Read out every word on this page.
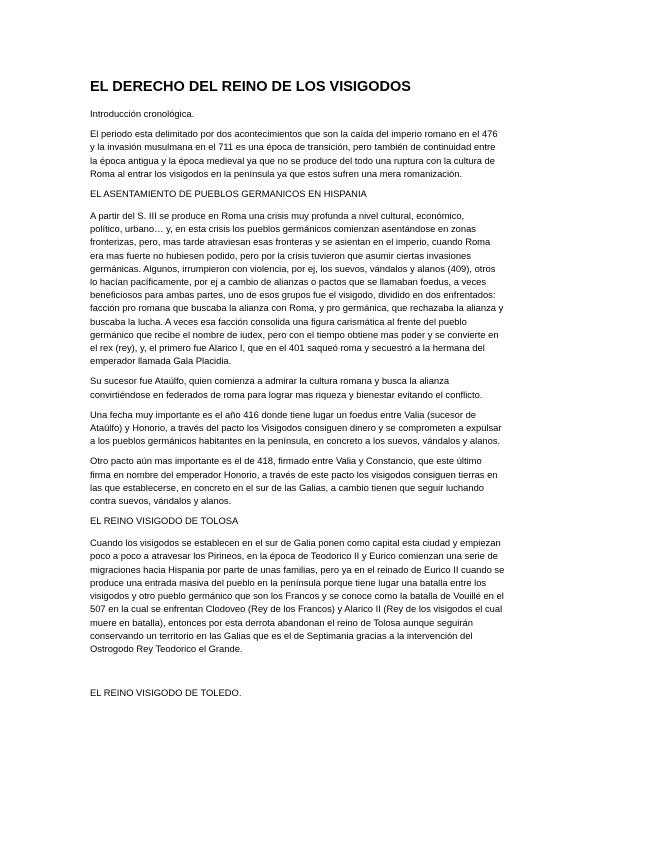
EL DERECHO DEL REINO DE LOS VISIGODOS
Introducción cronológica.
El periodo esta delimitado por dos acontecimientos que son la caída del imperio romano en el 476
y la invasión musulmana en el 711 es una época de transición, pero también de continuidad entre
la época antigua y la época medieval ya que no se produce del todo una ruptura con la cultura de
Roma al entrar los visigodos en la península ya que estos sufren una mera romanización.
EL ASENTAMIENTO DE PUEBLOS GERMANICOS EN HISPANIA
A partir del S. III se produce en Roma una crisis muy profunda a nivel cultural, económico,
político, urbano… y, en esta crisis los pueblos germánicos comienzan asentándose en zonas
fronterizas, pero, mas tarde atraviesan esas fronteras y se asientan en el imperio, cuando Roma
era mas fuerte no hubiesen podido, pero por la crisis tuvieron que asumir ciertas invasiones
germánicas. Algunos, irrumpieron con violencia, por ej, los suevos, vándalos y alanos (409), otros
lo hacían pacíficamente, por ej a cambio de alianzas o pactos que se llamaban foedus, a veces
beneficiosos para ambas partes, uno de esos grupos fue el visigodo, dividido en dos enfrentados:
facción pro romana que buscaba la alianza con Roma, y pro germánica, que rechazaba la alianza y
buscaba la lucha. A veces esa facción consolida una figura carismática al frente del pueblo
germánico que recibe el nombre de iudex, pero con el tiempo obtiene mas poder y se convierte en
el rex (rey), y, el primero fue Alarico I, que en el 401 saqueó roma y secuestró a la hermana del
emperador llamada Gala Placidia.
Su sucesor fue Ataúlfo, quien comienza a admirar la cultura romana y busca la alianza
convirtiéndose en federados de roma para lograr mas riqueza y bienestar evitando el conflicto.
Una fecha muy importante es el año 416 donde tiene lugar un foedus entre Valia (sucesor de
Ataúlfo) y Honorio, a través del pacto los Visigodos consiguen dinero y se comprometen a expulsar
a los pueblos germánicos habitantes en la península, en concreto a los suevos, vándalos y alanos.
Otro pacto aún mas importante es el de 418, firmado entre Valia y Constancio, que este último
firma en nombre del emperador Honorio, a través de este pacto los visigodos consiguen tierras en
las que establecerse, en concreto en el sur de las Galias, a cambio tienen que seguir luchando
contra suevos, vándalos y alanos.
EL REINO VISIGODO DE TOLOSA
Cuando los visigodos se establecen en el sur de Galia ponen como capital esta ciudad y empiezan
poco a poco a atravesar los Pirineos, en la época de Teodorico II y Eurico comienzan una serie de
migraciones hacia Hispania por parte de unas familias, pero ya en el reinado de Eurico II cuando se
produce una entrada masiva del pueblo en la península porque tiene lugar una batalla entre los
visigodos y otro pueblo germánico que son los Francos y se conoce como la batalla de Vouillé en el
507 en la cual se enfrentan Clodoveo (Rey de los Francos) y Alarico II (Rey de los visigodos el cual
muere en batalla), entonces por esta derrota abandonan el reino de Tolosa aunque seguirán
conservando un territorio en las Galias que es el de Septimania gracias a la intervención del
Ostrogodo Rey Teodorico el Grande.
EL REINO VISIGODO DE TOLEDO.
